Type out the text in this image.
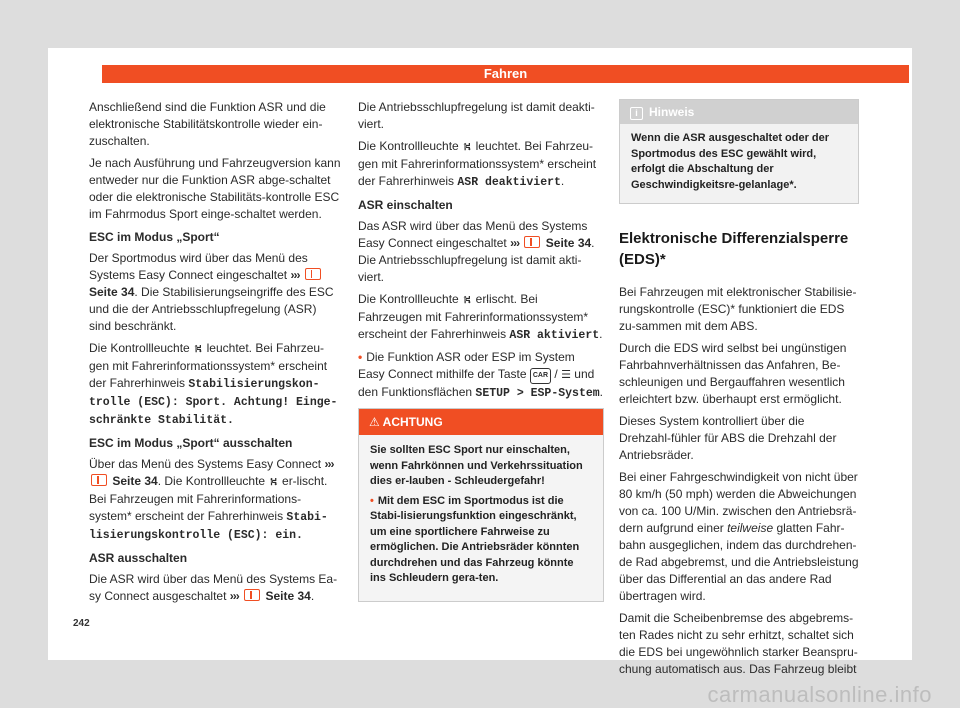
Fahren

Anschließend sind die Funktion ASR und die elektronische Stabilitätskontrolle wieder ein-zuschalten.

Je nach Ausführung und Fahrzeugversion kann entweder nur die Funktion ASR abge-schaltet oder die elektronische Stabilitäts-kontrolle ESC im Fahrmodus Sport einge-schaltet werden.

ESC im Modus „Sport“

Der Sportmodus wird über das Menü des Systems Easy Connect eingeschaltet ›››  Seite 34. Die Stabilisierungseingriffe des ESC und die der Antriebsschlupfregelung (ASR) sind beschränkt.

Die Kontrollleuchte ⛕ leuchtet. Bei Fahrzeu-gen mit Fahrerinformationssystem* erscheint der Fahrerhinweis Stabilisierungskon-trolle (ESC): Sport. Achtung! Einge-schränkte Stabilität.

ESC im Modus „Sport“ ausschalten

Über das Menü des Systems Easy Connect ›››  Seite 34. Die Kontrollleuchte ⛕ er-lischt. Bei Fahrzeugen mit Fahrerinformations-system* erscheint der Fahrerhinweis Stabi-lisierungskontrolle (ESC): ein.

ASR ausschalten

Die ASR wird über das Menü des Systems Ea-sy Connect ausgeschaltet ››› Seite 34.

Die Antriebsschlupfregelung ist damit deakti-viert.

Die Kontrollleuchte ⛕ leuchtet. Bei Fahrzeu-gen mit Fahrerinformationssystem* erscheint der Fahrerhinweis ASR deaktiviert.

ASR einschalten

Das ASR wird über das Menü des Systems Easy Connect eingeschaltet ››› Seite 34. Die Antriebsschlupfregelung ist damit akti-viert.

Die Kontrollleuchte ⛕ erlischt. Bei Fahrzeugen mit Fahrerinformationssystem* erscheint der Fahrerhinweis ASR aktiviert.

• Die Funktion ASR oder ESP im System Easy Connect mithilfe der Taste CAR / ☰ und den Funktionsflächen SETUP > ESP-System.

⚠ ACHTUNG

Sie sollten ESC Sport nur einschalten, wenn Fahrkönnen und Verkehrssituation dies er-lauben - Schleudergefahr!

• Mit dem ESC im Sportmodus ist die Stabi-lisierungsfunktion eingeschränkt, um eine sportlichere Fahrweise zu ermöglichen. Die Antriebsräder könnten durchdrehen und das Fahrzeug könnte ins Schleudern gera-ten.

i Hinweis
Wenn die ASR ausgeschaltet oder der Sportmodus des ESC gewählt wird, erfolgt die Abschaltung der Geschwindigkeitsre-gelanlage*.
Elektronische Differenzialsperre (EDS)*

Bei Fahrzeugen mit elektronischer Stabilisie-rungskontrolle (ESC)* funktioniert die EDS zu-sammen mit dem ABS.

Durch die EDS wird selbst bei ungünstigen Fahrbahnverhältnissen das Anfahren, Be-schleunigen und Bergauffahren wesentlich erleichtert bzw. überhaupt erst ermöglicht.

Dieses System kontrolliert über die Drehzahl-fühler für ABS die Drehzahl der Antriebsräder.

Bei einer Fahrgeschwindigkeit von nicht über 80 km/h (50 mph) werden die Abweichungen von ca. 100 U/Min. zwischen den Antriebsrä-dern aufgrund einer teilweise glatten Fahr-bahn ausgeglichen, indem das durchdrehen-de Rad abgebremst, und die Antriebsleistung über das Differential an das andere Rad übertragen wird.

Damit die Scheibenbremse des abgebrems-ten Rades nicht zu sehr erhitzt, schaltet sich die EDS bei ungewöhnlich starker Beanspru-chung automatisch aus. Das Fahrzeug bleibt

242
carmanualsonline.info
